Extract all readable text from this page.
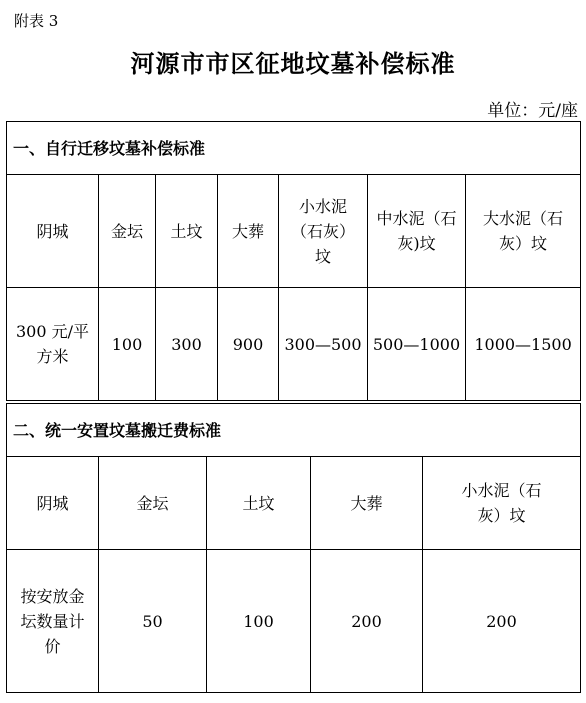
附表 3
河源市市区征地坟墓补偿标准
单位：元/座
一、自行迁移坟墓补偿标准						
阴城	金坛	土坟	大葬	小水泥（石灰）坟	中水泥（石灰)坟	大水泥（石灰）坟
300 元/平方米	100	300	900	300—500	500—1000	1000—1500
二、统一安置坟墓搬迁费标准				
阴城	金坛	土坟	大葬	小水泥（石灰）坟
按安放金坛数量计价	50	100	200	200
